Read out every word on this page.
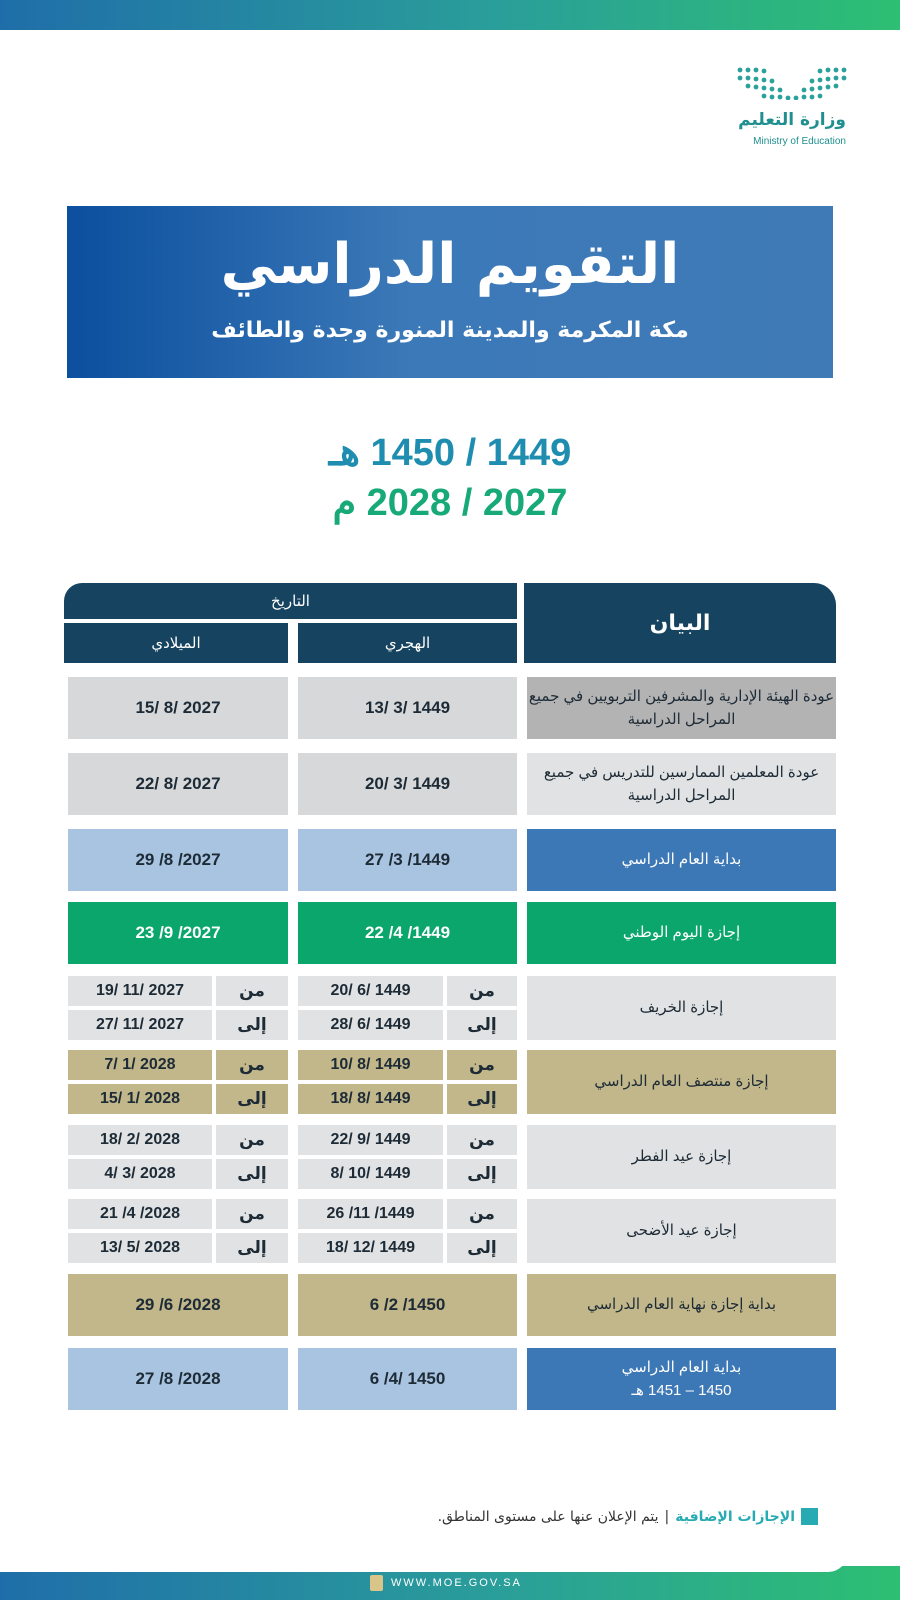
وزارة التعليم
Ministry of Education
التقويم الدراسي
مكة المكرمة والمدينة المنورة وجدة والطائف
1449 / 1450 هـ
2027 / 2028 م
البيان
التاريخ
الهجري
الميلادي
عودة الهيئة الإدارية والمشرفين التربويين في جميع المراحل الدراسية
13/ 3/ 1449
15/ 8/ 2027
عودة المعلمين الممارسين للتدريس في جميع المراحل الدراسية
20/ 3/ 1449
22/ 8/ 2027
بداية العام الدراسي
27 /3 /1449
29 /8 /2027
إجازة اليوم الوطني
22 /4 /1449
23 /9 /2027
إجازة الخريف
من
20/ 6/ 1449
إلى
28/ 6/ 1449
من
19/ 11/ 2027
إلى
27/ 11/ 2027
إجازة منتصف العام الدراسي
من
10/ 8/ 1449
إلى
18/ 8/ 1449
من
7/ 1/ 2028
إلى
15/ 1/ 2028
إجازة عيد الفطر
من
22/ 9/ 1449
إلى
8/ 10/ 1449
من
18/ 2/ 2028
إلى
4/ 3/ 2028
إجازة عيد الأضحى
من
26 /11 /1449
إلى
18/ 12/ 1449
من
21 /4 /2028
إلى
13/ 5/ 2028
بداية إجازة نهاية العام الدراسي
6 /2 /1450
29 /6 /2028
بداية العام الدراسي
1450 – 1451 هـ
6 /4/ 1450
27 /8 /2028
الإجازات الإضافية
|
يتم الإعلان عنها على مستوى المناطق.
WWW.MOE.GOV.SA
